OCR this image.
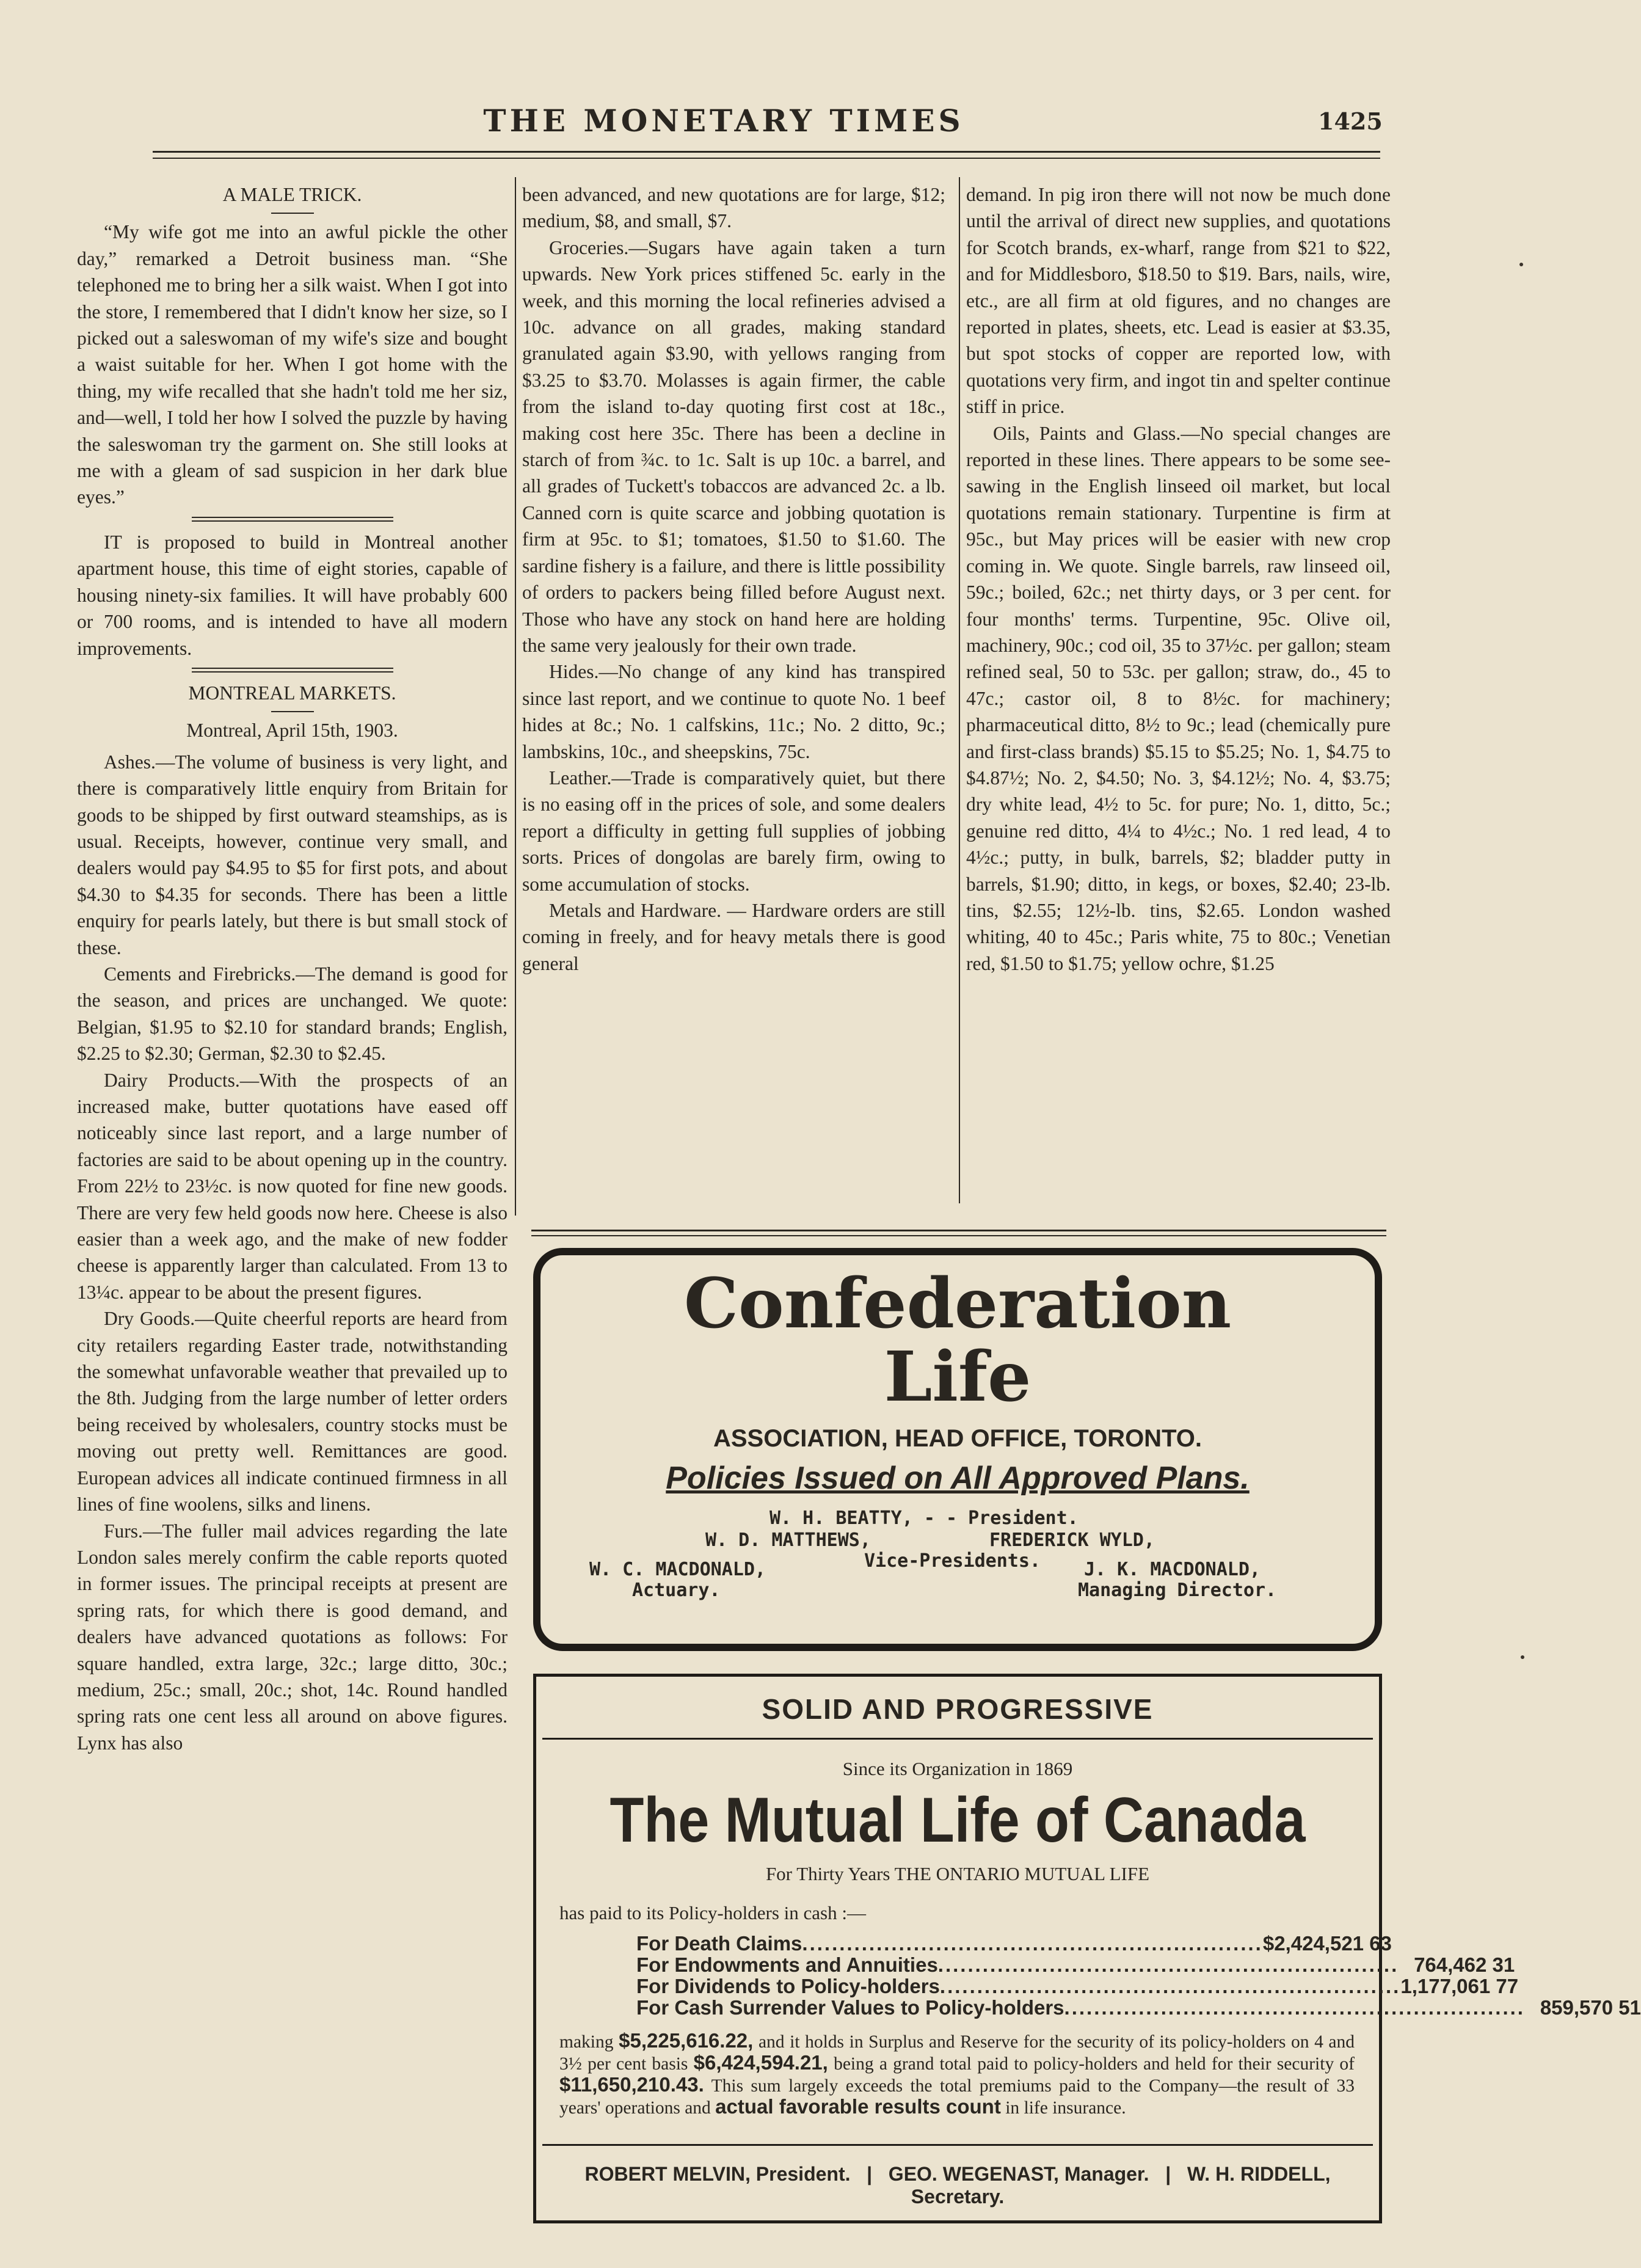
THE MONETARY TIMES	1425

A MALE TRICK.

“My wife got me into an awful pickle the other day,” remarked a Detroit business man. “She telephoned me to bring her a silk waist. When I got into the store, I remembered that I didn't know her size, so I picked out a saleswoman of my wife's size and bought a waist suitable for her. When I got home with the thing, my wife recalled that she hadn't told me her siz, and—well, I told her how I solved the puzzle by having the saleswoman try the garment on. She still looks at me with a gleam of sad suspicion in her dark blue eyes.”

IT is proposed to build in Montreal another apartment house, this time of eight stories, capable of housing ninety-six families. It will have probably 600 or 700 rooms, and is intended to have all modern improvements.

MONTREAL MARKETS.

Montreal, April 15th, 1903.

Ashes.—The volume of business is very light, and there is comparatively little enquiry from Britain for goods to be shipped by first outward steamships, as is usual. Receipts, however, continue very small, and dealers would pay $4.95 to $5 for first pots, and about $4.30 to $4.35 for seconds. There has been a little enquiry for pearls lately, but there is but small stock of these.

Cements and Firebricks.—The demand is good for the season, and prices are unchanged. We quote: Belgian, $1.95 to $2.10 for standard brands; English, $2.25 to $2.30; German, $2.30 to $2.45.

Dairy Products.—With the prospects of an increased make, butter quotations have eased off noticeably since last report, and a large number of factories are said to be about opening up in the country. From 22½ to 23½c. is now quoted for fine new goods. There are very few held goods now here. Cheese is also easier than a week ago, and the make of new fodder cheese is apparently larger than calculated. From 13 to 13¼c. appear to be about the present figures.

Dry Goods.—Quite cheerful reports are heard from city retailers regarding Easter trade, notwithstanding the somewhat unfavorable weather that prevailed up to the 8th. Judging from the large number of letter orders being received by wholesalers, country stocks must be moving out pretty well. Remittances are good. European advices all indicate continued firmness in all lines of fine woolens, silks and linens.

Furs.—The fuller mail advices regarding the late London sales merely confirm the cable reports quoted in former issues. The principal receipts at present are spring rats, for which there is good demand, and dealers have advanced quotations as follows: For square handled, extra large, 32c.; large ditto, 30c.; medium, 25c.; small, 20c.; shot, 14c. Round handled spring rats one cent less all around on above figures. Lynx has also

been advanced, and new quotations are for large, $12; medium, $8, and small, $7.

Groceries.—Sugars have again taken a turn upwards. New York prices stiffened 5c. early in the week, and this morning the local refineries advised a 10c. advance on all grades, making standard granulated again $3.90, with yellows ranging from $3.25 to $3.70. Molasses is again firmer, the cable from the island to-day quoting first cost at 18c., making cost here 35c. There has been a decline in starch of from ¾c. to 1c. Salt is up 10c. a barrel, and all grades of Tuckett's tobaccos are advanced 2c. a lb. Canned corn is quite scarce and jobbing quotation is firm at 95c. to $1; tomatoes, $1.50 to $1.60. The sardine fishery is a failure, and there is little possibility of orders to packers being filled before August next. Those who have any stock on hand here are holding the same very jealously for their own trade.

Hides.—No change of any kind has transpired since last report, and we continue to quote No. 1 beef hides at 8c.; No. 1 calfskins, 11c.; No. 2 ditto, 9c.; lambskins, 10c., and sheepskins, 75c.

Leather.—Trade is comparatively quiet, but there is no easing off in the prices of sole, and some dealers report a difficulty in getting full supplies of jobbing sorts. Prices of dongolas are barely firm, owing to some accumulation of stocks.

Metals and Hardware. — Hardware orders are still coming in freely, and for heavy metals there is good general

demand. In pig iron there will not now be much done until the arrival of direct new supplies, and quotations for Scotch brands, ex-wharf, range from $21 to $22, and for Middlesboro, $18.50 to $19. Bars, nails, wire, etc., are all firm at old figures, and no changes are reported in plates, sheets, etc. Lead is easier at $3.35, but spot stocks of copper are reported low, with quotations very firm, and ingot tin and spelter continue stiff in price.

Oils, Paints and Glass.—No special changes are reported in these lines. There appears to be some see-sawing in the English linseed oil market, but local quotations remain stationary. Turpentine is firm at 95c., but May prices will be easier with new crop coming in. We quote. Single barrels, raw linseed oil, 59c.; boiled, 62c.; net thirty days, or 3 per cent. for four months' terms. Turpentine, 95c. Olive oil, machinery, 90c.; cod oil, 35 to 37½c. per gallon; steam refined seal, 50 to 53c. per gallon; straw, do., 45 to 47c.; castor oil, 8 to 8½c. for machinery; pharmaceutical ditto, 8½ to 9c.; lead (chemically pure and first-class brands) $5.15 to $5.25; No. 1, $4.75 to $4.87½; No. 2, $4.50; No. 3, $4.12½; No. 4, $3.75; dry white lead, 4½ to 5c. for pure; No. 1, ditto, 5c.; genuine red ditto, 4¼ to 4½c.; No. 1 red lead, 4 to 4½c.; putty, in bulk, barrels, $2; bladder putty in barrels, $1.90; ditto, in kegs, or boxes, $2.40; 23-lb. tins, $2.55; 12½-lb. tins, $2.65. London washed whiting, 40 to 45c.; Paris white, 75 to 80c.; Venetian red, $1.50 to $1.75; yellow ochre, $1.25

Confederation
Life
ASSOCIATION, HEAD OFFICE, TORONTO.
Policies Issued on All Approved Plans.
W. H. BEATTY, - - President.
W. D. MATTHEWS,	FREDERICK WYLD,
Vice-Presidents.
W. C. MACDONALD,
Actuary.
J. K. MACDONALD,
Managing Director.
SOLID AND PROGRESSIVE
Since its Organization in 1869
The Mutual Life of Canada
For Thirty Years THE ONTARIO MUTUAL LIFE
has paid to its Policy-holders in cash :—
For Death Claims .............................................................. $2,424,521 63
For Endowments and Annuities .............................................................. 764,462 31
For Dividends to Policy-holders .............................................................. 1,177,061 77
For Cash Surrender Values to Policy-holders .............................................................. 859,570 51
making $5,225,616.22, and it holds in Surplus and Reserve for the security of its policy-holders on 4 and 3½ per cent basis $6,424,594.21, being a grand total paid to policy-holders and held for their security of $11,650,210.43. This sum largely exceeds the total premiums paid to the Company—the result of 33 years' operations and actual favorable results count in life insurance.
ROBERT MELVIN, President.   |   GEO. WEGENAST, Manager.   |   W. H. RIDDELL, Secretary.
